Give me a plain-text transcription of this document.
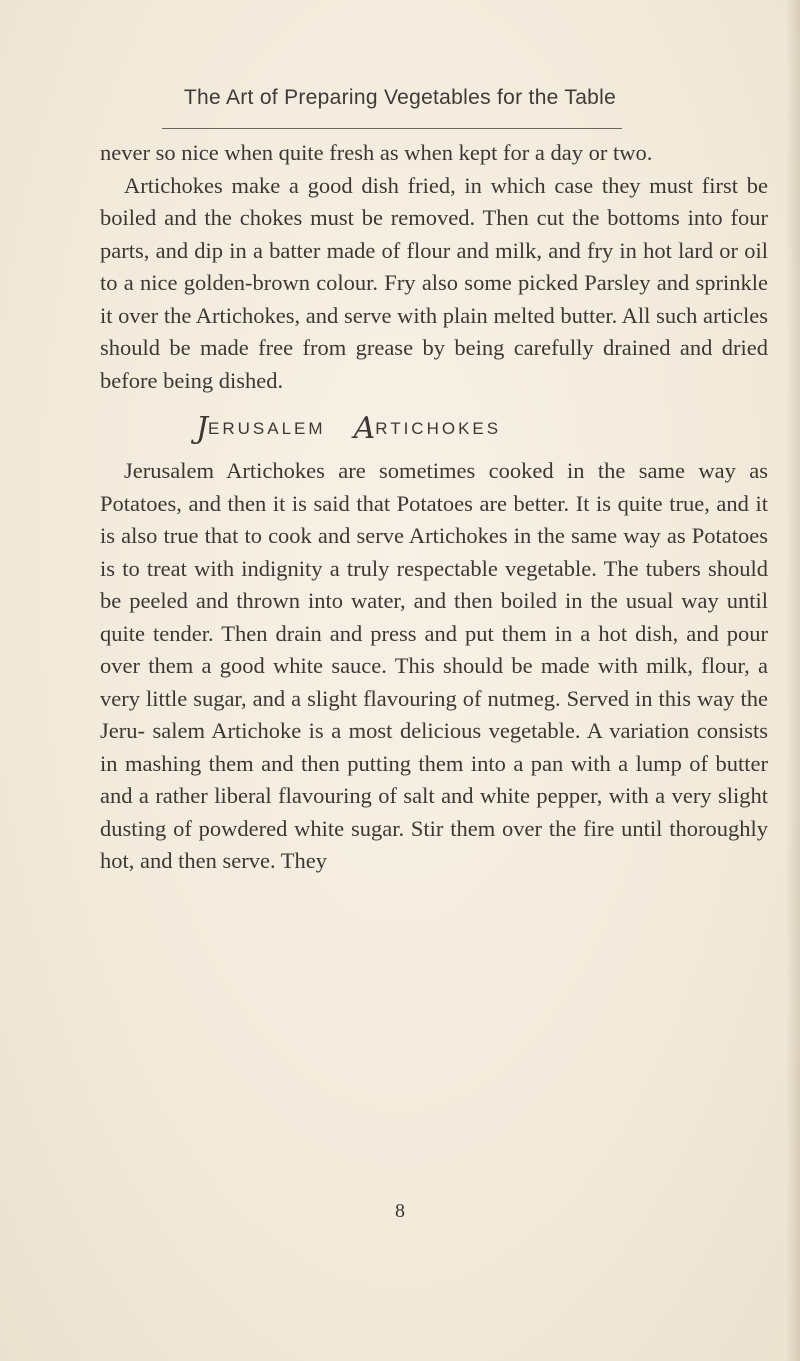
The Art of Preparing Vegetables for the Table

never so nice when quite fresh as when kept for a day or two.

Artichokes make a good dish fried, in which case they must first be boiled and the chokes must be removed. Then cut the bottoms into four parts, and dip in a batter made of flour and milk, and fry in hot lard or oil to a nice golden-brown colour. Fry also some picked Parsley and sprinkle it over the Artichokes, and serve with plain melted butter. All such articles should be made free from grease by being carefully drained and dried before being dished.

JERUSALEM ARTICHOKES

Jerusalem Artichokes are sometimes cooked in the same way as Potatoes, and then it is said that Potatoes are better. It is quite true, and it is also true that to cook and serve Artichokes in the same way as Potatoes is to treat with indignity a truly respectable vegetable. The tubers should be peeled and thrown into water, and then boiled in the usual way until quite tender. Then drain and press and put them in a hot dish, and pour over them a good white sauce. This should be made with milk, flour, a very little sugar, and a slight flavouring of nutmeg. Served in this way the Jeru- salem Artichoke is a most delicious vegetable. A variation consists in mashing them and then putting them into a pan with a lump of butter and a rather liberal flavouring of salt and white pepper, with a very slight dusting of powdered white sugar. Stir them over the fire until thoroughly hot, and then serve. They

8
